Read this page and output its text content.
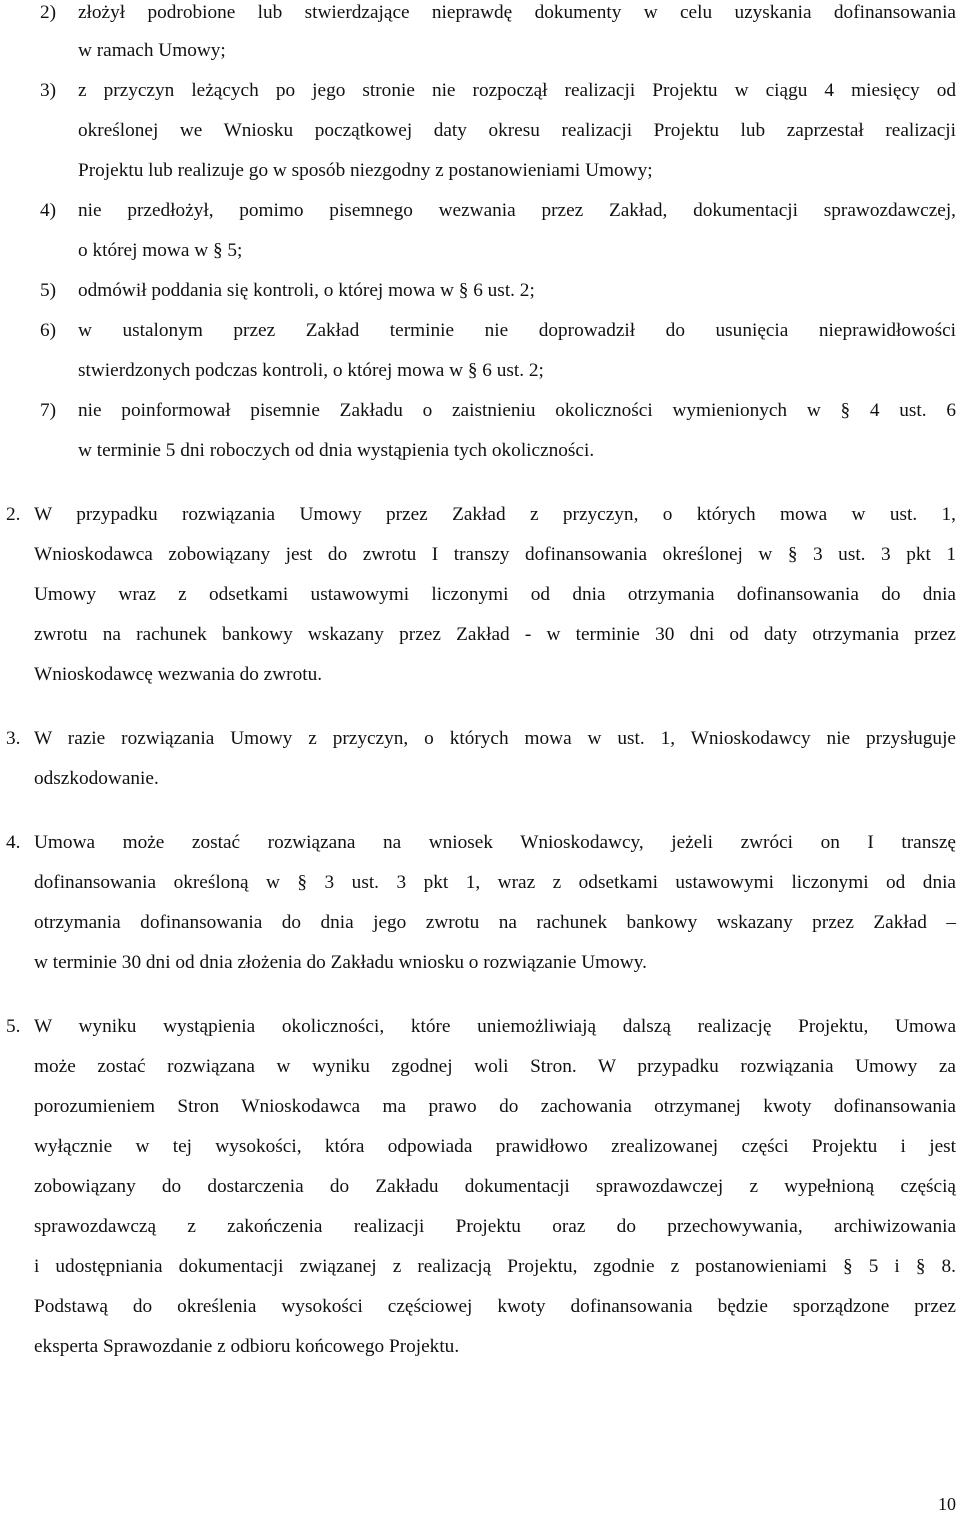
2) złożył podrobione lub stwierdzające nieprawdę dokumenty w celu uzyskania dofinansowania

w ramach Umowy;

3) z przyczyn leżących po jego stronie nie rozpoczął realizacji Projektu w ciągu 4 miesięcy od

określonej we Wniosku początkowej daty okresu realizacji Projektu lub zaprzestał realizacji

Projektu lub realizuje go w sposób niezgodny z postanowieniami Umowy;

4) nie przedłożył, pomimo pisemnego wezwania przez Zakład, dokumentacji sprawozdawczej,

o której mowa w § 5;

5) odmówił poddania się kontroli, o której mowa w § 6 ust. 2;

6) w ustalonym przez Zakład terminie nie doprowadził do usunięcia nieprawidłowości

stwierdzonych podczas kontroli, o której mowa w § 6 ust. 2;

7) nie poinformował pisemnie Zakładu o zaistnieniu okoliczności wymienionych w § 4 ust. 6

w terminie 5 dni roboczych od dnia wystąpienia tych okoliczności.

2. W przypadku rozwiązania Umowy przez Zakład z przyczyn, o których mowa w ust. 1,

Wnioskodawca zobowiązany jest do zwrotu I transzy dofinansowania określonej w § 3 ust. 3 pkt 1

Umowy wraz z odsetkami ustawowymi liczonymi od dnia otrzymania dofinansowania do dnia

zwrotu na rachunek bankowy wskazany przez Zakład - w terminie 30 dni od daty otrzymania przez

Wnioskodawcę wezwania do zwrotu.

3. W razie rozwiązania Umowy z przyczyn, o których mowa w ust. 1, Wnioskodawcy nie przysługuje

odszkodowanie.

4. Umowa może zostać rozwiązana na wniosek Wnioskodawcy, jeżeli zwróci on I transzę

dofinansowania określoną w § 3 ust. 3 pkt 1, wraz z odsetkami ustawowymi liczonymi od dnia

otrzymania dofinansowania do dnia jego zwrotu na rachunek bankowy wskazany przez Zakład –

w terminie 30 dni od dnia złożenia do Zakładu wniosku o rozwiązanie Umowy.

5. W wyniku wystąpienia okoliczności, które uniemożliwiają dalszą realizację Projektu, Umowa

może zostać rozwiązana w wyniku zgodnej woli Stron. W przypadku rozwiązania Umowy za

porozumieniem Stron Wnioskodawca ma prawo do zachowania otrzymanej kwoty dofinansowania

wyłącznie w tej wysokości, która odpowiada prawidłowo zrealizowanej części Projektu i jest

zobowiązany do dostarczenia do Zakładu dokumentacji sprawozdawczej z wypełnioną częścią

sprawozdawczą z zakończenia realizacji Projektu oraz do przechowywania, archiwizowania

i udostępniania dokumentacji związanej z realizacją Projektu, zgodnie z postanowieniami § 5 i § 8.

Podstawą do określenia wysokości częściowej kwoty dofinansowania będzie sporządzone przez

eksperta Sprawozdanie z odbioru końcowego Projektu.

10
